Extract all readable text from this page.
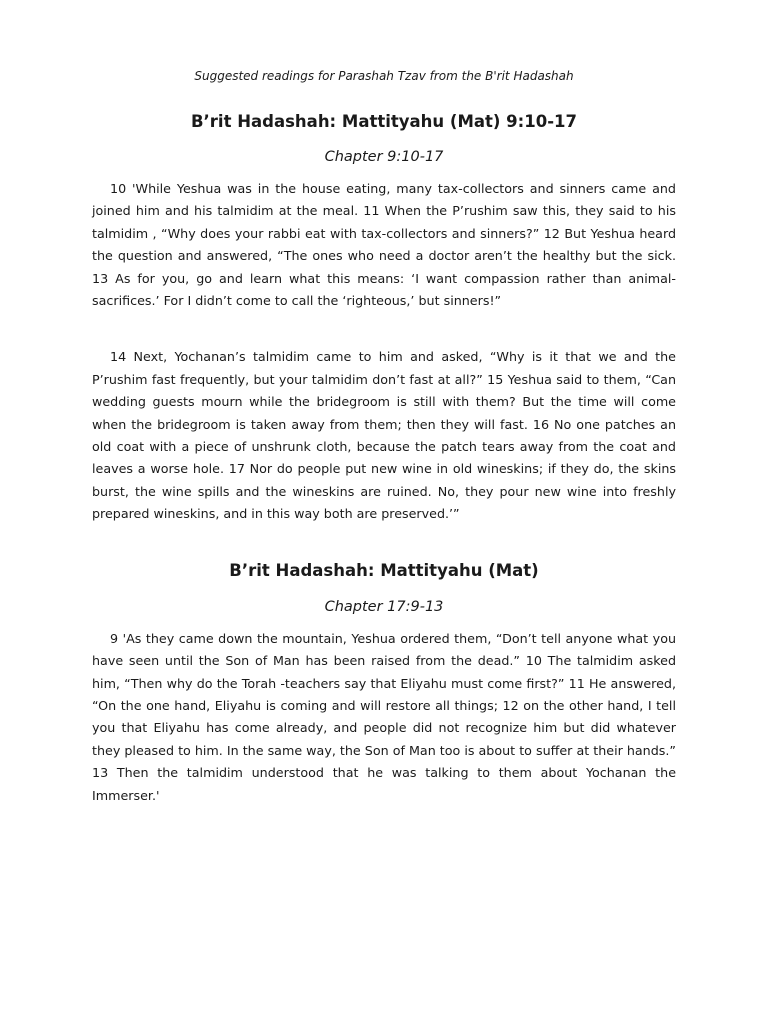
Suggested readings for Parashah Tzav from the B'rit Hadashah

B’rit Hadashah: Mattityahu (Mat) 9:10-17

Chapter 9:10-17

10 'While Yeshua was in the house eating, many tax-collectors and sinners came and joined him and his talmidim at the meal. 11 When the P’rushim saw this, they said to his talmidim , “Why does your rabbi eat with tax-collectors and sinners?” 12 But Yeshua heard the question and answered, “The ones who need a doctor aren’t the healthy but the sick. 13 As for you, go and learn what this means: ‘I want compassion rather than animal-sacrifices.’ For I didn’t come to call the ‘righteous,’ but sinners!”

14 Next, Yochanan’s talmidim came to him and asked, “Why is it that we and the P’rushim fast frequently, but your talmidim don’t fast at all?” 15 Yeshua said to them, “Can wedding guests mourn while the bridegroom is still with them? But the time will come when the bridegroom is taken away from them; then they will fast. 16 No one patches an old coat with a piece of unshrunk cloth, because the patch tears away from the coat and leaves a worse hole. 17 Nor do people put new wine in old wineskins; if they do, the skins burst, the wine spills and the wineskins are ruined. No, they pour new wine into freshly prepared wineskins, and in this way both are preserved.’”

B’rit Hadashah: Mattityahu (Mat)

Chapter 17:9-13

9 'As they came down the mountain, Yeshua ordered them, “Don’t tell anyone what you have seen until the Son of Man has been raised from the dead.” 10 The talmidim asked him, “Then why do the Torah -teachers say that Eliyahu must come first?” 11 He answered, “On the one hand, Eliyahu is coming and will restore all things; 12 on the other hand, I tell you that Eliyahu has come already, and people did not recognize him but did whatever they pleased to him. In the same way, the Son of Man too is about to suffer at their hands.” 13 Then the talmidim understood that he was talking to them about Yochanan the Immerser.'
